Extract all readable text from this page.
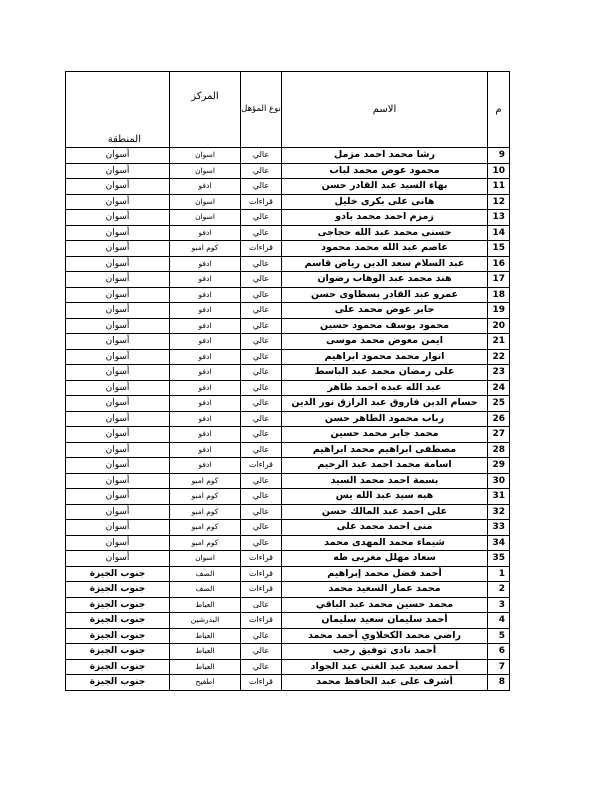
م	الاسم	نوع المؤهل	المركز	المنطقة
9	رشا محمد احمد مزمل	عالي	اسوان	أسوان
10	محمود عوض محمد لباب	عالي	اسوان	أسوان
11	بهاء السيد عبد القادر حسن	عالي	ادفو	أسوان
12	هانى على بكرى خليل	قراءات	اسوان	أسوان
13	زمزم احمد محمد بادو	عالي	اسوان	أسوان
14	حسنى محمد عبد الله حجاجى	عالي	ادفو	أسوان
15	عاصم عبد الله محمد محمود	قراءات	كوم امبو	أسوان
16	عبد السلام سعد الدين رياض قاسم	عالي	ادفو	أسوان
17	هند محمد عبد الوهاب رضوان	عالي	ادفو	أسوان
18	عمرو عبد القادر بسطاوى حسن	عالي	ادفو	أسوان
19	جابر عوض محمد على	عالي	ادفو	أسوان
20	محمود يوسف محمود حسين	عالي	ادفو	أسوان
21	ايمن معوض محمد موسى	عالي	ادفو	أسوان
22	انوار محمد محمود ابراهيم	عالي	ادفو	أسوان
23	على رمضان محمد عبد الباسط	عالي	ادفو	أسوان
24	عبد الله عبده احمد طاهر	عالي	ادفو	أسوان
25	حسام الدين فاروق عبد الرازق نور الدين	عالي	ادفو	أسوان
26	رباب محمود الطاهر حسن	عالي	ادفو	أسوان
27	محمد جابر محمد حسين	عالي	ادفو	أسوان
28	مصطفى ابراهيم محمد ابراهيم	عالي	ادفو	أسوان
29	اسامة محمد احمد عبد الرحيم	قراءات	ادفو	أسوان
30	بسمة احمد محمد السيد	عالي	كوم امبو	أسوان
31	هبه سيد عبد الله يس	عالي	كوم امبو	أسوان
32	على احمد عبد المالك حسن	عالي	كوم امبو	أسوان
33	منى احمد محمد على	عالي	كوم امبو	أسوان
34	شيماء محمد المهدى محمد	عالي	كوم امبو	أسوان
35	سعاد مهلل مغربى طه	قراءات	اسوان	أسوان
1	أحمد فضل محمد إبراهيم	قراءات	الصف	جنوب الجيزة
2	محمد عمار السعيد محمد	قراءات	الصف	جنوب الجيزة
3	محمد حسين محمد عبد الباقي	عالى	العياط	جنوب الجيزة
4	أحمد سليمان سعيد سليمان	قراءات	البدرشين	جنوب الجيزة
5	راضي محمد الكحلاوي أحمد محمد	عالي	العياط	جنوب الجيزة
6	أحمد نادى توفيق رجب	عالي	العياط	جنوب الجيزة
7	أحمد سعيد عبد الغني عبد الجواد	عالي	العياط	جنوب الجيزة
8	أشرف على عبد الحافظ محمد	قراءات	اطفيح	جنوب الجيزة
